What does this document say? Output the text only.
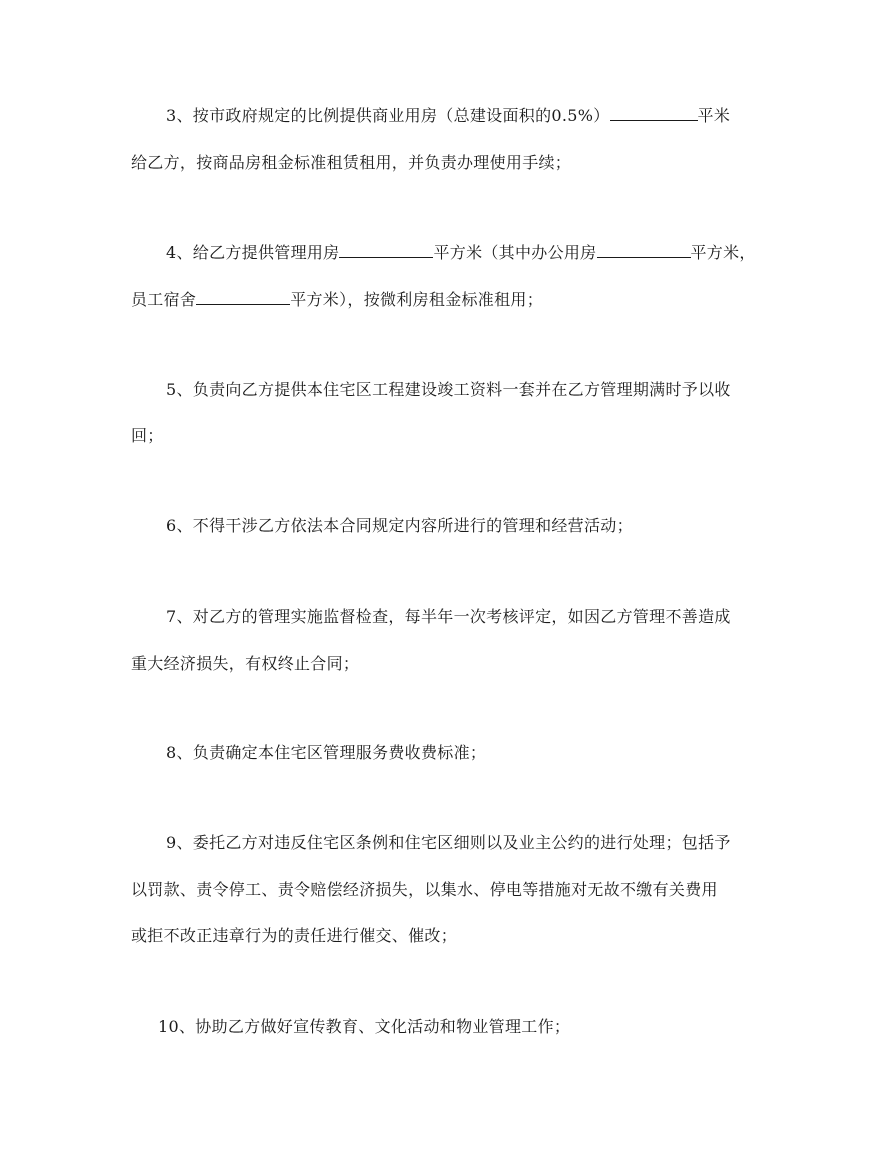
3、按市政府规定的比例提供商业用房（总建设面积的0.5%）	平米
给乙方，按商品房租金标准租赁租用，并负责办理使用手续；
4、给乙方提供管理用房	平方米（其中办公用房	平方米，
员工宿舍	平方米），按微利房租金标准租用；
5、负责向乙方提供本住宅区工程建设竣工资料一套并在乙方管理期满时予以收
回；
6、不得干涉乙方依法本合同规定内容所进行的管理和经营活动；
7、对乙方的管理实施监督检查，每半年一次考核评定，如因乙方管理不善造成
重大经济损失，有权终止合同；
8、负责确定本住宅区管理服务费收费标准；
9、委托乙方对违反住宅区条例和住宅区细则以及业主公约的进行处理；包括予
以罚款、责令停工、责令赔偿经济损失，以集水、停电等措施对无故不缴有关费用
或拒不改正违章行为的责任进行催交、催改；
10、协助乙方做好宣传教育、文化活动和物业管理工作；
